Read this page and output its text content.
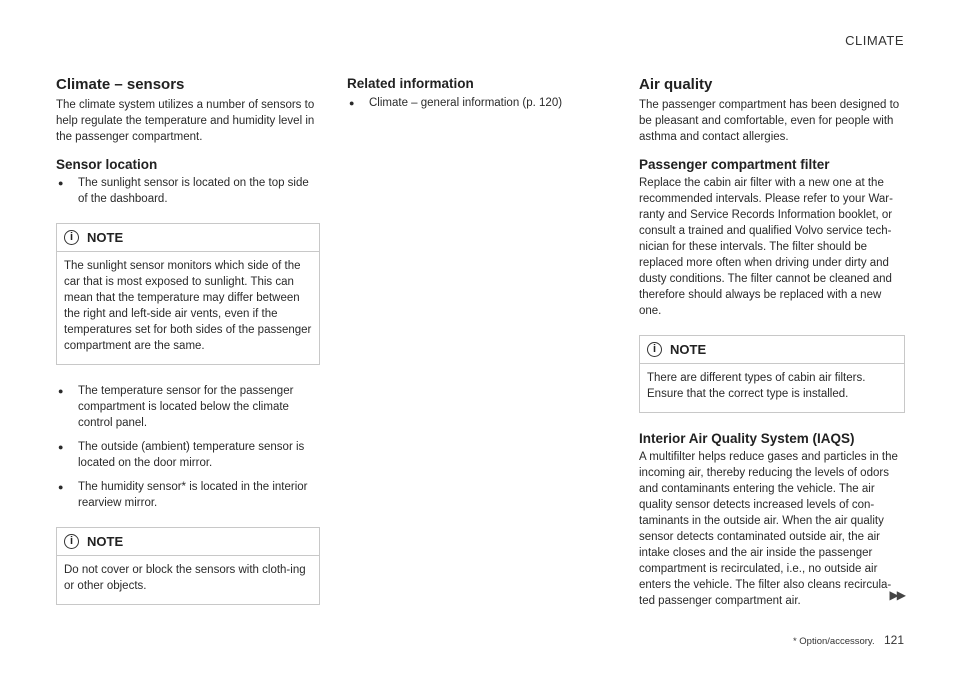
CLIMATE
Climate – sensors

The climate system utilizes a number of sensors to help regulate the temperature and humidity level in the passenger compartment.

Sensor location
● The sunlight sensor is located on the top side of the dashboard.
i	NOTE
The sunlight sensor monitors which side of the car that is most exposed to sunlight. This can mean that the temperature may differ between the right and left-side air vents, even if the temperatures set for both sides of the passenger compartment are the same.
● The temperature sensor for the passenger compartment is located below the climate control panel.
● The outside (ambient) temperature sensor is located on the door mirror.
● The humidity sensor* is located in the interior rearview mirror.
i	NOTE
Do not cover or block the sensors with cloth-ing or other objects.
Related information
● Climate – general information (p. 120)
Air quality

The passenger compartment has been designed to be pleasant and comfortable, even for people with asthma and contact allergies.

Passenger compartment filter

Replace the cabin air filter with a new one at the recommended intervals. Please refer to your War-ranty and Service Records Information booklet, or consult a trained and qualified Volvo service tech-nician for these intervals. The filter should be replaced more often when driving under dirty and dusty conditions. The filter cannot be cleaned and therefore should always be replaced with a new one.

i	NOTE
There are different types of cabin air filters. Ensure that the correct type is installed.
Interior Air Quality System (IAQS)

A multifilter helps reduce gases and particles in the incoming air, thereby reducing the levels of odors and contaminants entering the vehicle. The air quality sensor detects increased levels of con-taminants in the outside air. When the air quality sensor detects contaminated outside air, the air intake closes and the air inside the passenger compartment is recirculated, i.e., no outside air enters the vehicle. The filter also cleans recircula-ted passenger compartment air.	▶▶
* Option/accessory. 121
